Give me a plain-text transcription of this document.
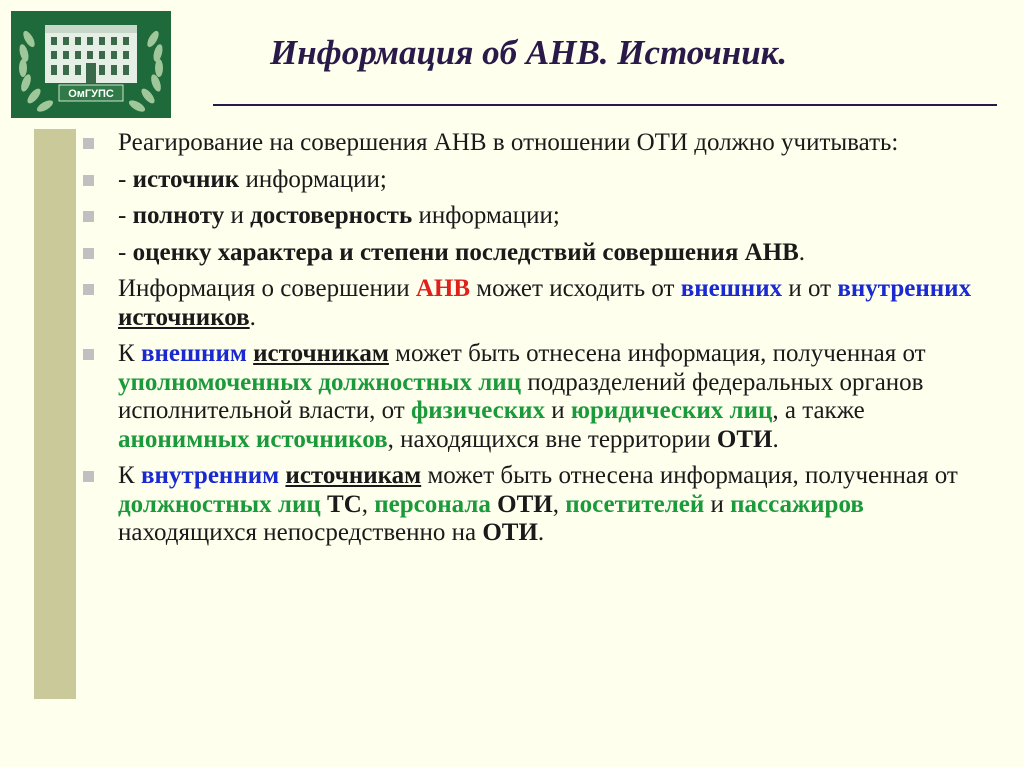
ОмГУПС
Информация об АНВ. Источник.
Реагирование на совершения АНВ в отношении ОТИ должно учитывать:
- источник информации;
- полноту и достоверность информации;
- оценку характера и степени последствий совершения АНВ.
Информация о совершении АНВ может исходить от внешних и от внутренних источников.
К внешним источникам может быть отнесена информация, полученная от уполномоченных должностных лиц подразделений федеральных органов исполнительной власти, от физических и юридических лиц, а также анонимных источников, находящихся вне территории ОТИ.
К внутренним источникам может быть отнесена информация, полученная от должностных лиц ТС, персонала ОТИ, посетителей и пассажиров находящихся непосредственно на ОТИ.
